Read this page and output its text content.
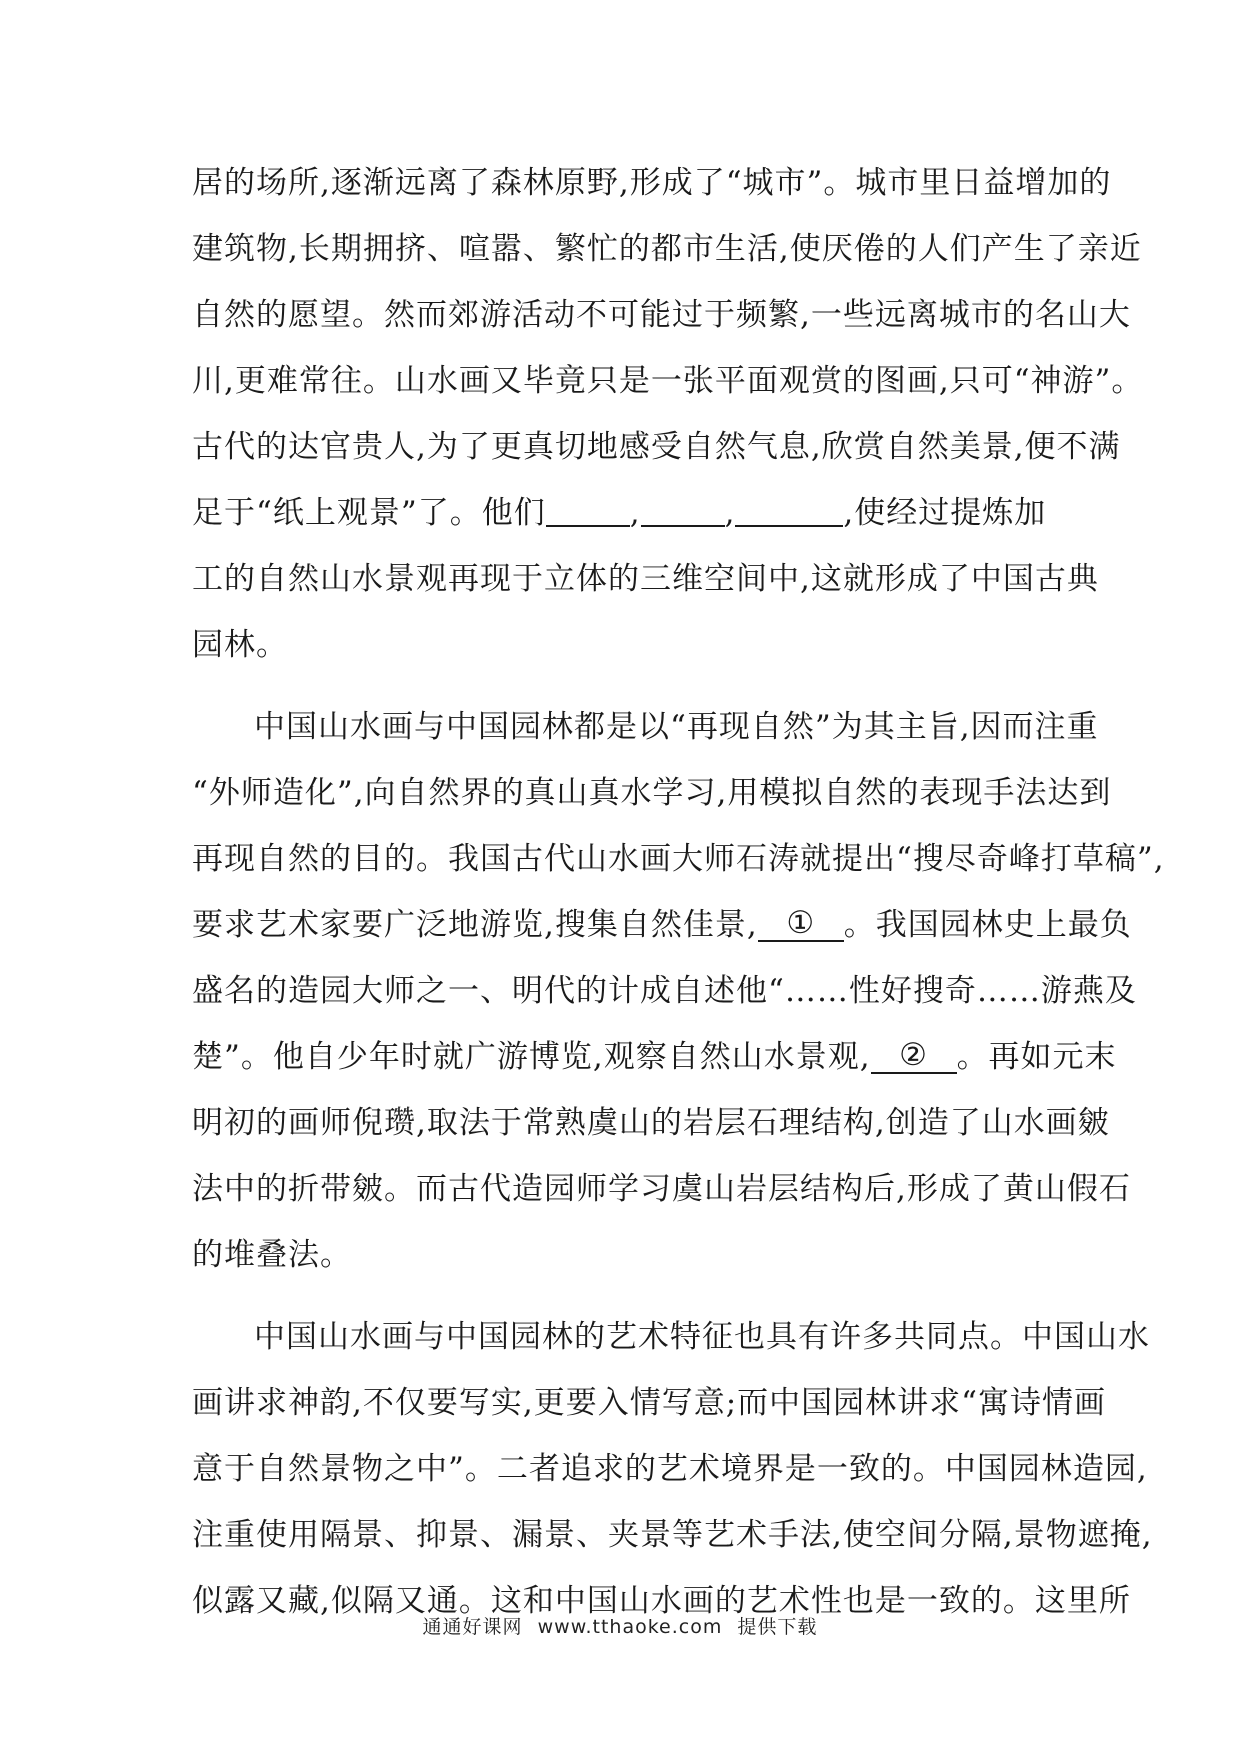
居的场所,逐渐远离了森林原野,形成了“城市”。城市里日益增加的
建筑物,长期拥挤、喧嚣、繁忙的都市生活,使厌倦的人们产生了亲近
自然的愿望。然而郊游活动不可能过于频繁,一些远离城市的名山大
川,更难常往。山水画又毕竟只是一张平面观赏的图画,只可“神游”。
古代的达官贵人,为了更真切地感受自然气息,欣赏自然美景,便不满
足于“纸上观景”了。他们	,	,	,使经过提炼加
工的自然山水景观再现于立体的三维空间中,这就形成了中国古典
园林。
中国山水画与中国园林都是以“再现自然”为其主旨,因而注重
“外师造化”,向自然界的真山真水学习,用模拟自然的表现手法达到
再现自然的目的。我国古代山水画大师石涛就提出“搜尽奇峰打草稿”,
要求艺术家要广泛地游览,搜集自然佳景, ① 。我国园林史上最负
盛名的造园大师之一、明代的计成自述他“……性好搜奇……游燕及
楚”。他自少年时就广游博览,观察自然山水景观, ② 。再如元末
明初的画师倪瓒,取法于常熟虞山的岩层石理结构,创造了山水画皴
法中的折带皴。而古代造园师学习虞山岩层结构后,形成了黄山假石
的堆叠法。
中国山水画与中国园林的艺术特征也具有许多共同点。中国山水
画讲求神韵,不仅要写实,更要入情写意;而中国园林讲求“寓诗情画
意于自然景物之中”。二者追求的艺术境界是一致的。中国园林造园,
注重使用隔景、抑景、漏景、夹景等艺术手法,使空间分隔,景物遮掩,
似露又藏,似隔又通。这和中国山水画的艺术性也是一致的。这里所
通通好课网 www.tthaoke.com 提供下载
